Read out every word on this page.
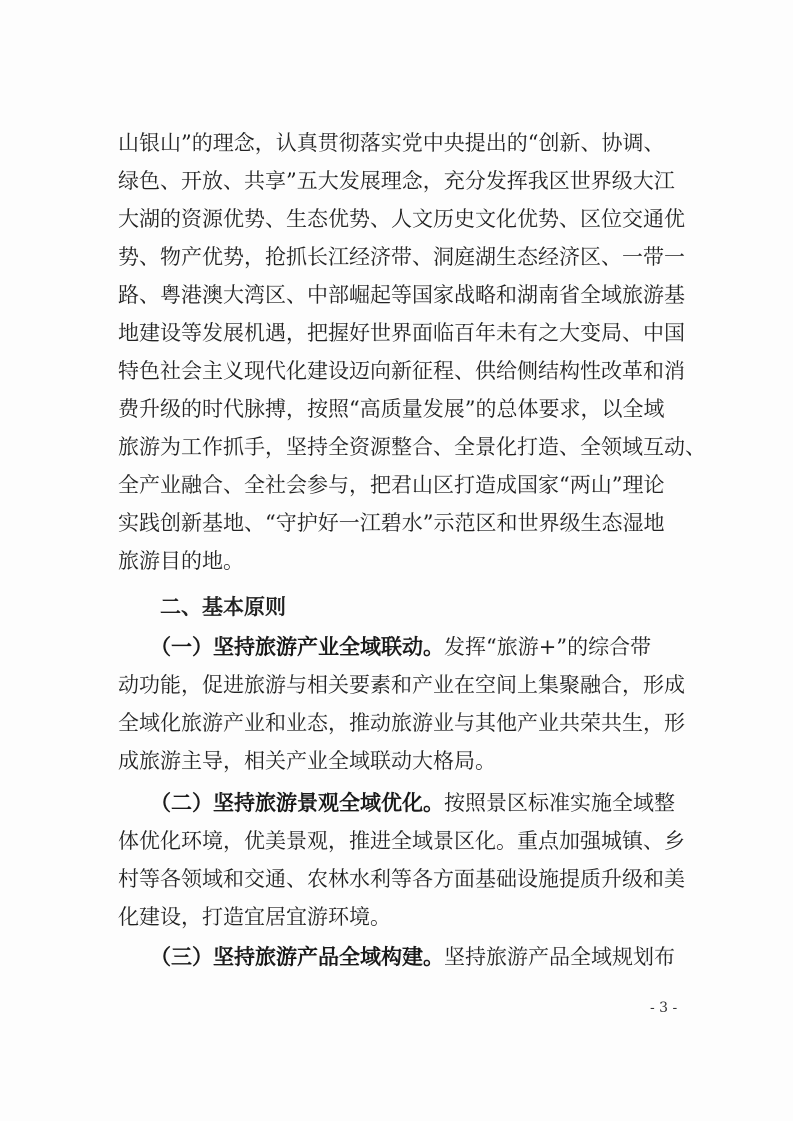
山银山”的理念，认真贯彻落实党中央提出的“创新、协调、
绿色、开放、共享”五大发展理念，充分发挥我区世界级大江
大湖的资源优势、生态优势、人文历史文化优势、区位交通优
势、物产优势，抢抓长江经济带、洞庭湖生态经济区、一带一
路、粤港澳大湾区、中部崛起等国家战略和湖南省全域旅游基
地建设等发展机遇，把握好世界面临百年未有之大变局、中国
特色社会主义现代化建设迈向新征程、供给侧结构性改革和消
费升级的时代脉搏，按照“高质量发展”的总体要求，以全域
旅游为工作抓手，坚持全资源整合、全景化打造、全领域互动、
全产业融合、全社会参与，把君山区打造成国家“两山”理论
实践创新基地、“守护好一江碧水”示范区和世界级生态湿地
旅游目的地。
二、基本原则
（一）坚持旅游产业全域联动。发挥“旅游+”的综合带
动功能，促进旅游与相关要素和产业在空间上集聚融合，形成
全域化旅游产业和业态，推动旅游业与其他产业共荣共生，形
成旅游主导，相关产业全域联动大格局。
（二）坚持旅游景观全域优化。按照景区标准实施全域整
体优化环境，优美景观，推进全域景区化。重点加强城镇、乡
村等各领域和交通、农林水利等各方面基础设施提质升级和美
化建设，打造宜居宜游环境。
（三）坚持旅游产品全域构建。坚持旅游产品全域规划布
- 3 -
